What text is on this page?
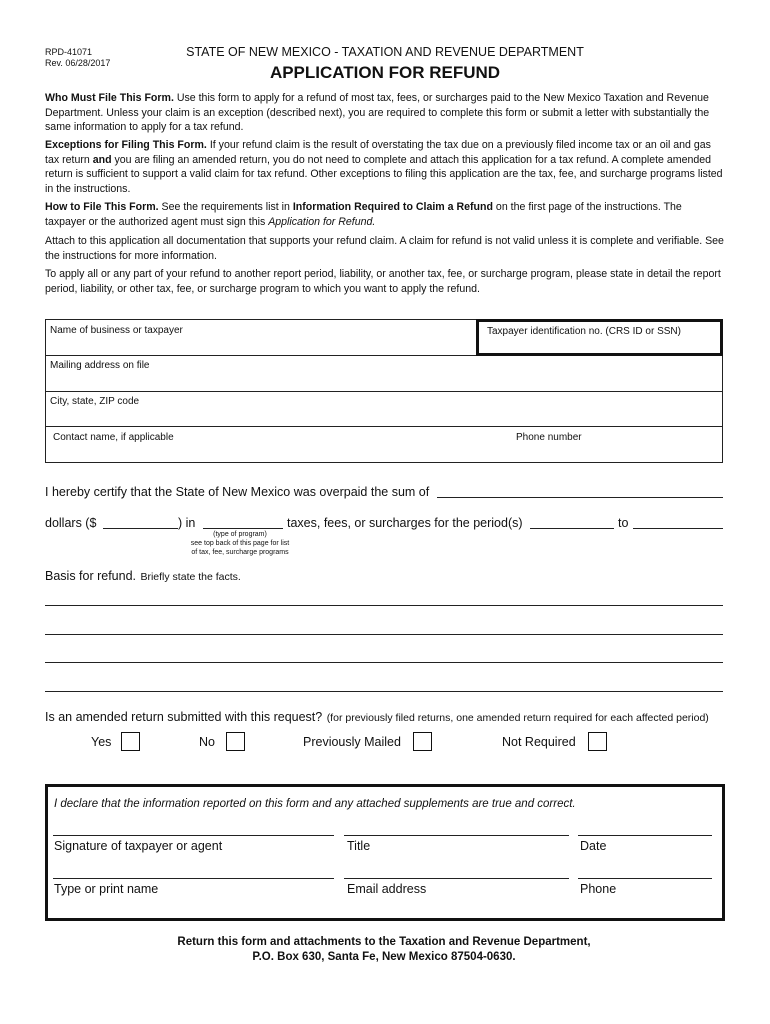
RPD-41071
Rev. 06/28/2017
STATE OF NEW MEXICO - TAXATION AND REVENUE DEPARTMENT
APPLICATION FOR REFUND
Who Must File This Form. Use this form to apply for a refund of most tax, fees, or surcharges paid to the New Mexico Taxation and Revenue Department. Unless your claim is an exception (described next), you are required to complete this form or submit a letter with substantially the same information to apply for a tax refund.
Exceptions for Filing This Form. If your refund claim is the result of overstating the tax due on a previously filed income tax or an oil and gas tax return and you are filing an amended return, you do not need to complete and attach this application for a tax refund. A complete amended return is sufficient to support a valid claim for tax refund. Other exceptions to filing this application are the tax, fee, and surcharge programs listed in the instructions.
How to File This Form. See the requirements list in Information Required to Claim a Refund on the first page of the instructions. The taxpayer or the authorized agent must sign this Application for Refund.
Attach to this application all documentation that supports your refund claim. A claim for refund is not valid unless it is complete and verifiable. See the instructions for more information.
To apply all or any part of your refund to another report period, liability, or another tax, fee, or surcharge program, please state in detail the report period, liability, or other tax, fee, or surcharge program to which you want to apply the refund.
Name of business or taxpayer	Taxpayer identification no. (CRS ID or SSN)
Mailing address on file
City, state, ZIP code
Contact name, if applicable	Phone number
I hereby certify that the State of New Mexico was overpaid the sum of
dollars ($	) in	taxes, fees, or surcharges for the period(s)	to
(type of program)
see top back of this page for list
of tax, fee, surcharge programs
Basis for refund. Briefly state the facts.
Is an amended return submitted with this request? (for previously filed returns, one amended return required for each affected period)
Yes	No	Previously Mailed	Not Required
I declare that the information reported on this form and any attached supplements are true and correct.
Signature of taxpayer or agent	Title	Date
Type or print name	Email address	Phone
Return this form and attachments to the Taxation and Revenue Department,
P.O. Box 630, Santa Fe, New Mexico 87504-0630.
